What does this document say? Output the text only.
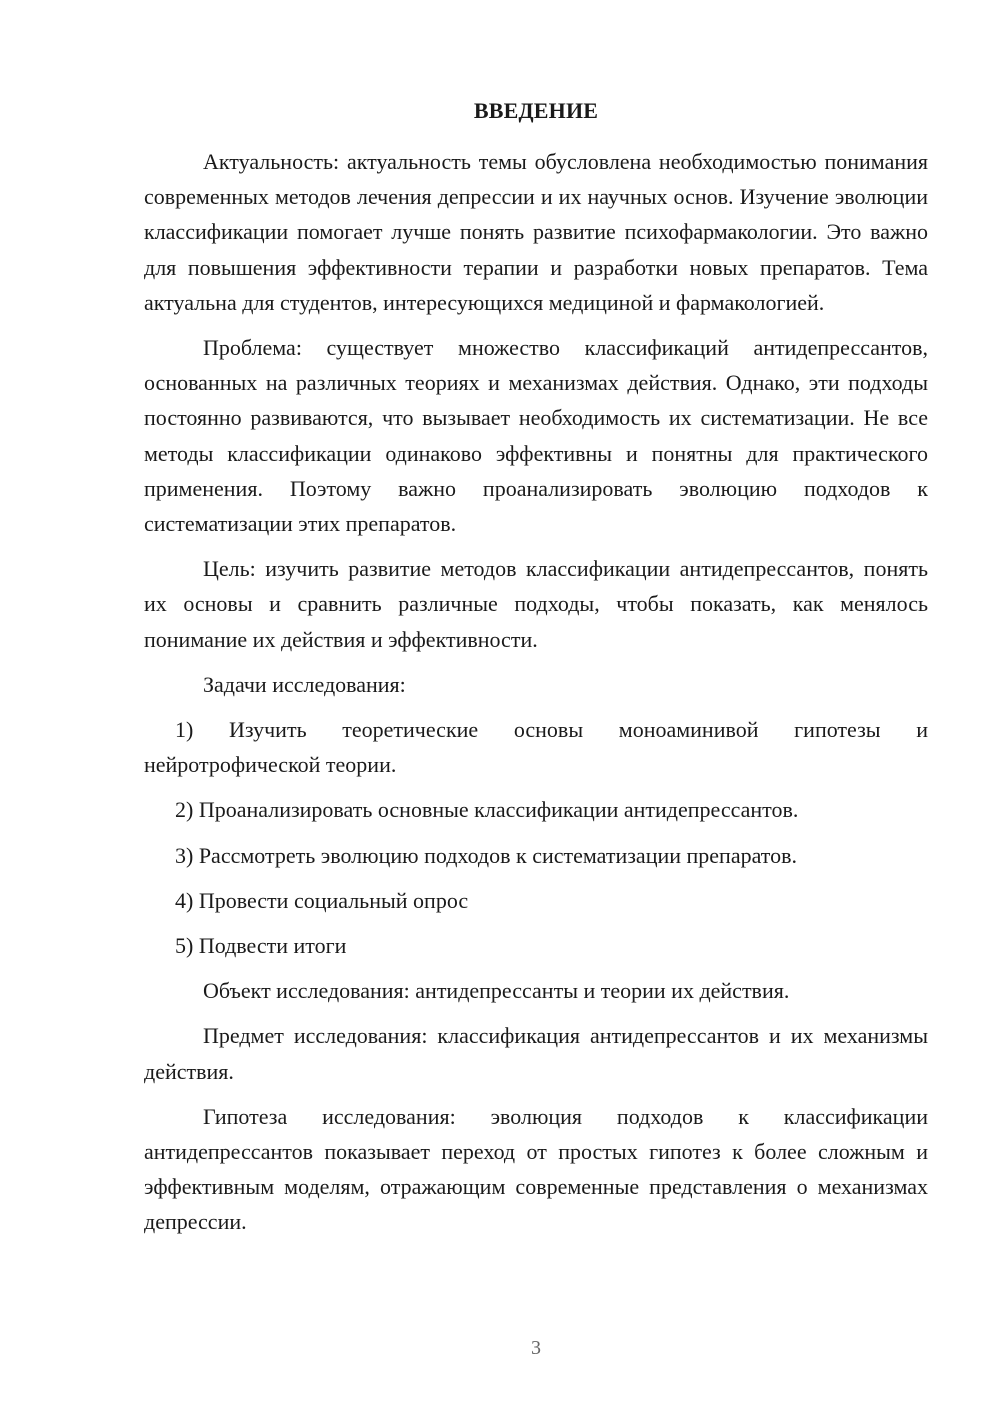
ВВЕДЕНИЕ

Актуальность: актуальность темы обусловлена необходимостью понимания современных методов лечения депрессии и их научных основ. Изучение эволюции классификации помогает лучше понять развитие психофармакологии. Это важно для повышения эффективности терапии и разработки новых препаратов. Тема актуальна для студентов, интересующихся медициной и фармакологией.

Проблема: существует множество классификаций антидепрессантов, основанных на различных теориях и механизмах действия. Однако, эти подходы постоянно развиваются, что вызывает необходимость их систематизации. Не все методы классификации одинаково эффективны и понятны для практического применения. Поэтому важно проанализировать эволюцию подходов к систематизации этих препаратов.

Цель: изучить развитие методов классификации антидепрессантов, понять их основы и сравнить различные подходы, чтобы показать, как менялось понимание их действия и эффективности.

Задачи исследования:

1) Изучить теоретические основы моноаминивой гипотезы и нейротрофической теории.

2) Проанализировать основные классификации антидепрессантов.

3) Рассмотреть эволюцию подходов к систематизации препаратов.

4) Провести социальный опрос

5) Подвести итоги

Объект исследования: антидепрессанты и теории их действия.

Предмет исследования: классификация антидепрессантов и их механизмы действия.

Гипотеза исследования: эволюция подходов к классификации антидепрессантов показывает переход от простых гипотез к более сложным и эффективным моделям, отражающим современные представления о механизмах депрессии.

3
